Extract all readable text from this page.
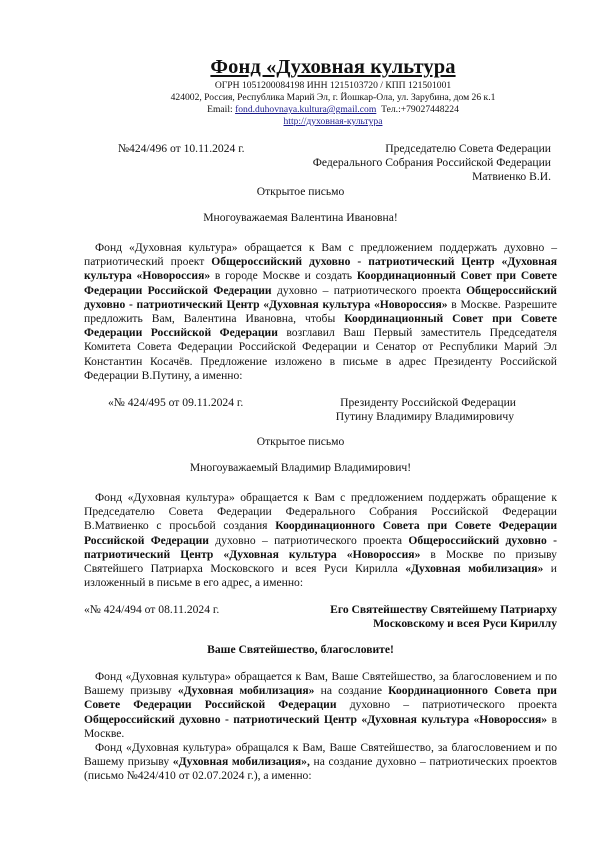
Фонд «Духовная культура
ОГРН 1051200084198 ИНН 1215103720 / КПП 121501001
424002, Россия, Республика Марий Эл, г. Йошкар-Ола, ул. Зарубина, дом 26 к.1
Email: fond.duhovnaya.kultura@gmail.com Тел.:+79027448224
http://духовная-культура
№424/496 от 10.11.2024 г.	Председателю Совета Федерации
Федерального Собрания Российской Федерации
Матвиенко В.И.
Открытое письмо
Многоуважаемая Валентина Ивановна!
Фонд «Духовная культура» обращается к Вам с предложением поддержать духовно – патриотический проект Общероссийский духовно - патриотический Центр «Духовная культура «Новороссия» в городе Москве и создать Координационный Совет при Совете Федерации Российской Федерации духовно – патриотического проекта Общероссийский духовно - патриотический Центр «Духовная культура «Новороссия» в Москве. Разрешите предложить Вам, Валентина Ивановна, чтобы Координационный Совет при Совете Федерации Российской Федерации возглавил Ваш Первый заместитель Председателя Комитета Совета Федерации Российской Федерации и Сенатор от Республики Марий Эл Константин Косачёв. Предложение изложено в письме в адрес Президенту Российской Федерации В.Путину, а именно:
«№ 424/495 от 09.11.2024 г.	Президенту Российской Федерации
Путину Владимиру Владимировичу
Открытое письмо
Многоуважаемый Владимир Владимирович!
Фонд «Духовная культура» обращается к Вам с предложением поддержать обращение к Председателю Совета Федерации Федерального Собрания Российской Федерации В.Матвиенко с просьбой создания Координационного Совета при Совете Федерации Российской Федерации духовно – патриотического проекта Общероссийский духовно - патриотический Центр «Духовная культура «Новороссия» в Москве по призыву Святейшего Патриарха Московского и всея Руси Кирилла «Духовная мобилизация» и изложенный в письме в его адрес, а именно:
«№ 424/494 от 08.11.2024 г.	Его Святейшеству Святейшему Патриарху
Московскому и всея Руси Кириллу
Ваше Святейшество, благословите!
Фонд «Духовная культура» обращается к Вам, Ваше Святейшество, за благословением и по Вашему призыву «Духовная мобилизация» на создание Координационного Совета при Совете Федерации Российской Федерации духовно – патриотического проекта Общероссийский духовно - патриотический Центр «Духовная культура «Новороссия» в Москве.
Фонд «Духовная культура» обращался к Вам, Ваше Святейшество, за благословением и по Вашему призыву «Духовная мобилизация», на создание духовно – патриотических проектов (письмо №424/410 от 02.07.2024 г.), а именно:
